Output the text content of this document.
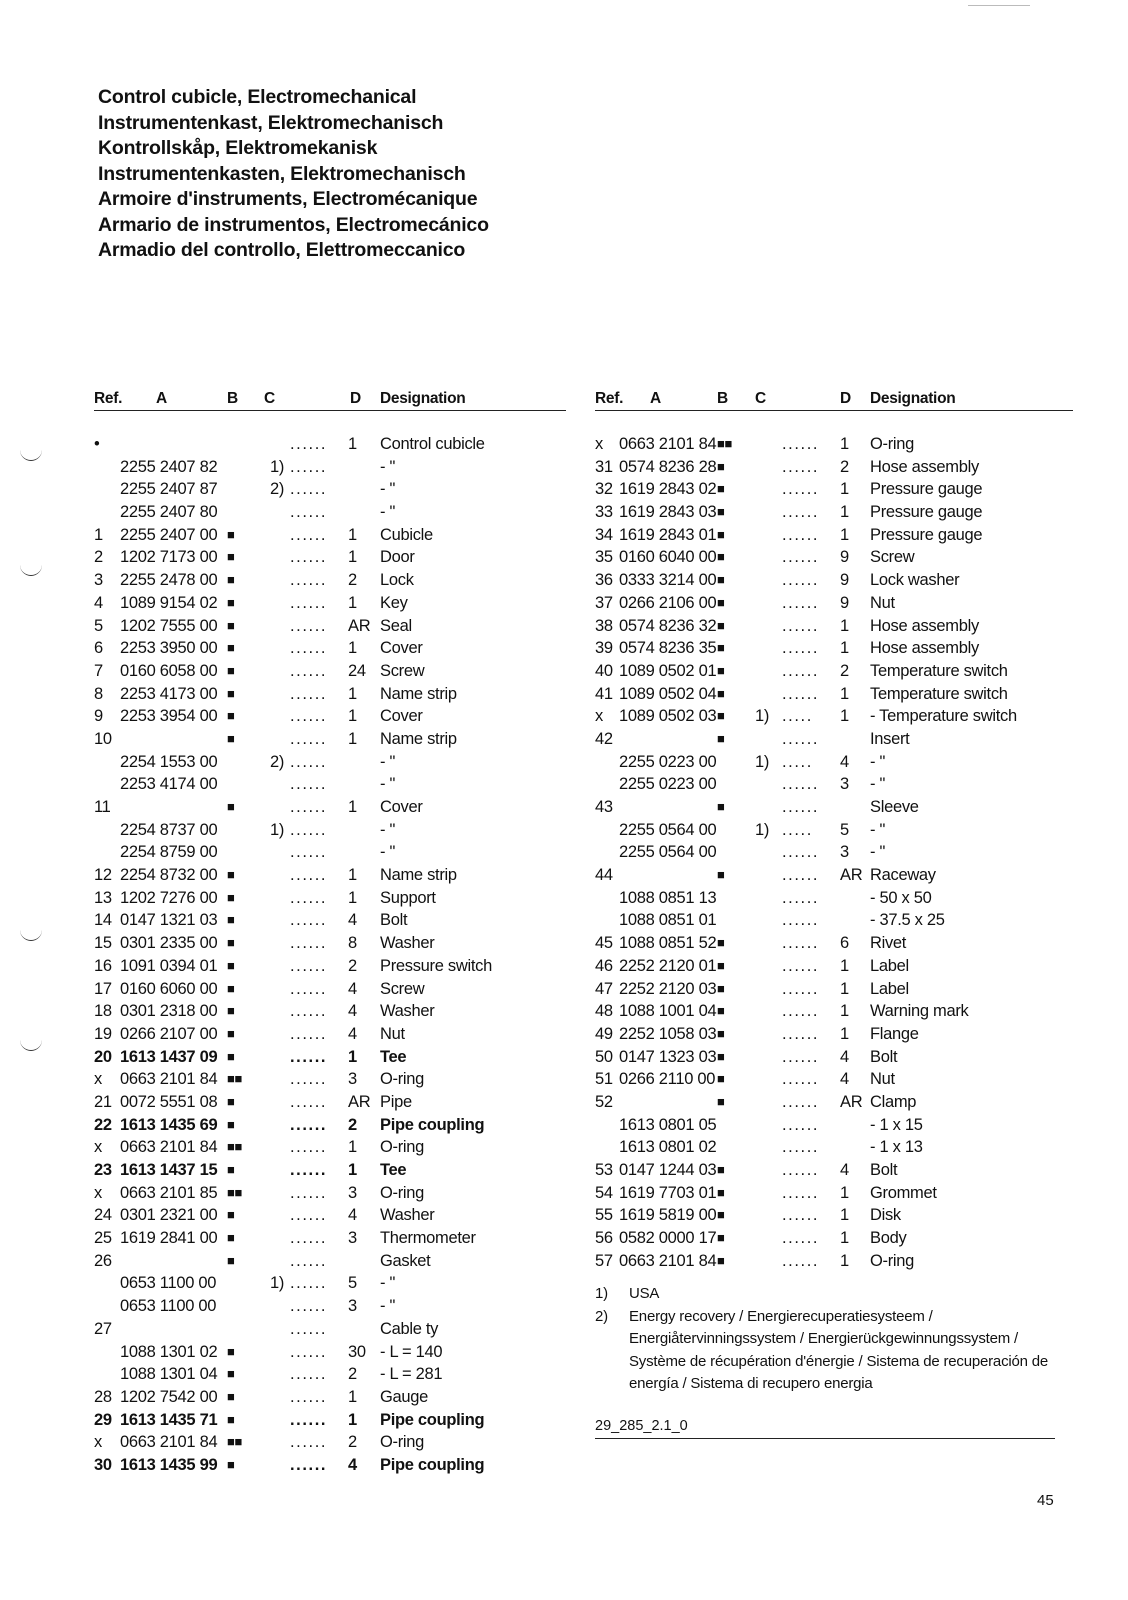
Control cubicle, Electromechanical
Instrumentenkast, Elektromechanisch
Kontrollskåp, Elektromekanisk
Instrumentenkasten, Elektromechanisch
Armoire d'instruments, Electromécanique
Armario de instrumentos, Electromecánico
Armadio del controllo, Elettromeccanico
Ref. A	B C	D Designation
•	...... 1 Control cubicle
2255 2407 82	1) ......	- "
2255 2407 87	2) ......	- "
2255 2407 80	......	- "
1 2255 2407 00 ■	...... 1 Cubicle
2 1202 7173 00 ■	...... 1 Door
3 2255 2478 00 ■	...... 2 Lock
4 1089 9154 02 ■	...... 1 Key
5 1202 7555 00 ■	...... AR Seal
6 2253 3950 00 ■	...... 1 Cover
7 0160 6058 00 ■	...... 24 Screw
8 2253 4173 00 ■	...... 1 Name strip
9 2253 3954 00 ■	...... 1 Cover
10	■	...... 1 Name strip
2254 1553 00	2) ......	- "
2253 4174 00	......	- "
11	■	...... 1 Cover
2254 8737 00	1) ......	- "
2254 8759 00	......	- "
12 2254 8732 00 ■	...... 1 Name strip
13 1202 7276 00 ■	...... 1 Support
14 0147 1321 03 ■	...... 4 Bolt
15 0301 2335 00 ■	...... 8 Washer
16 1091 0394 01 ■	...... 2 Pressure switch
17 0160 6060 00 ■	...... 4 Screw
18 0301 2318 00 ■	...... 4 Washer
19 0266 2107 00 ■	...... 4 Nut
20 1613 1437 09 ■	...... 1 Tee
x 0663 2101 84 ■■	...... 3 O-ring
21 0072 5551 08 ■	...... AR Pipe
22 1613 1435 69 ■	...... 2 Pipe coupling
x 0663 2101 84 ■■	...... 1 O-ring
23 1613 1437 15 ■	...... 1 Tee
x 0663 2101 85 ■■	...... 3 O-ring
24 0301 2321 00 ■	...... 4 Washer
25 1619 2841 00 ■	...... 3 Thermometer
26	■	......	Gasket
0653 1100 00	1) ...... 5 - "
0653 1100 00	...... 3 - "
27	......	Cable ty
1088 1301 02 ■	...... 30 - L = 140
1088 1301 04 ■	...... 2 - L = 281
28 1202 7542 00 ■	...... 1 Gauge
29 1613 1435 71 ■	...... 1 Pipe coupling
x 0663 2101 84 ■■	...... 2 O-ring
30 1613 1435 99 ■	...... 4 Pipe coupling
Ref. A	B C	D Designation
x 0663 2101 84 ■■	...... 1 O-ring
31 0574 8236 28 ■	...... 2 Hose assembly
32 1619 2843 02 ■	...... 1 Pressure gauge
33 1619 2843 03 ■	...... 1 Pressure gauge
34 1619 2843 01 ■	...... 1 Pressure gauge
35 0160 6040 00 ■	...... 9 Screw
36 0333 3214 00 ■	...... 9 Lock washer
37 0266 2106 00 ■	...... 9 Nut
38 0574 8236 32 ■	...... 1 Hose assembly
39 0574 8236 35 ■	...... 1 Hose assembly
40 1089 0502 01 ■	...... 2 Temperature switch
41 1089 0502 04 ■	...... 1 Temperature switch
x 1089 0502 03 ■ 1) ..... 1 - Temperature switch
42	■	......	Insert
2255 0223 00 1) ..... 4 - "
2255 0223 00	...... 3 - "
43	■	......	Sleeve
2255 0564 00 1) ..... 5 - "
2255 0564 00	...... 3 - "
44	■	...... AR Raceway
1088 0851 13	......	- 50 x 50
1088 0851 01	......	- 37.5 x 25
45 1088 0851 52 ■	...... 6 Rivet
46 2252 2120 01 ■	...... 1 Label
47 2252 2120 03 ■	...... 1 Label
48 1088 1001 04 ■	...... 1 Warning mark
49 2252 1058 03 ■	...... 1 Flange
50 0147 1323 03 ■	...... 4 Bolt
51 0266 2110 00 ■	...... 4 Nut
52	■	...... AR Clamp
1613 0801 05	......	- 1 x 15
1613 0801 02	......	- 1 x 13
53 0147 1244 03 ■	...... 4 Bolt
54 1619 7703 01 ■	...... 1 Grommet
55 1619 5819 00 ■	...... 1 Disk
56 0582 0000 17 ■	...... 1 Body
57 0663 2101 84 ■	...... 1 O-ring
1) USA
2) Energy recovery / Energierecuperatiesysteem / Energiåtervinningssystem / Energierückgewinnungssystem / Système de récupération d'énergie / Sistema de recuperación de energía / Sistema di recupero energia
29_285_2.1_0
45
